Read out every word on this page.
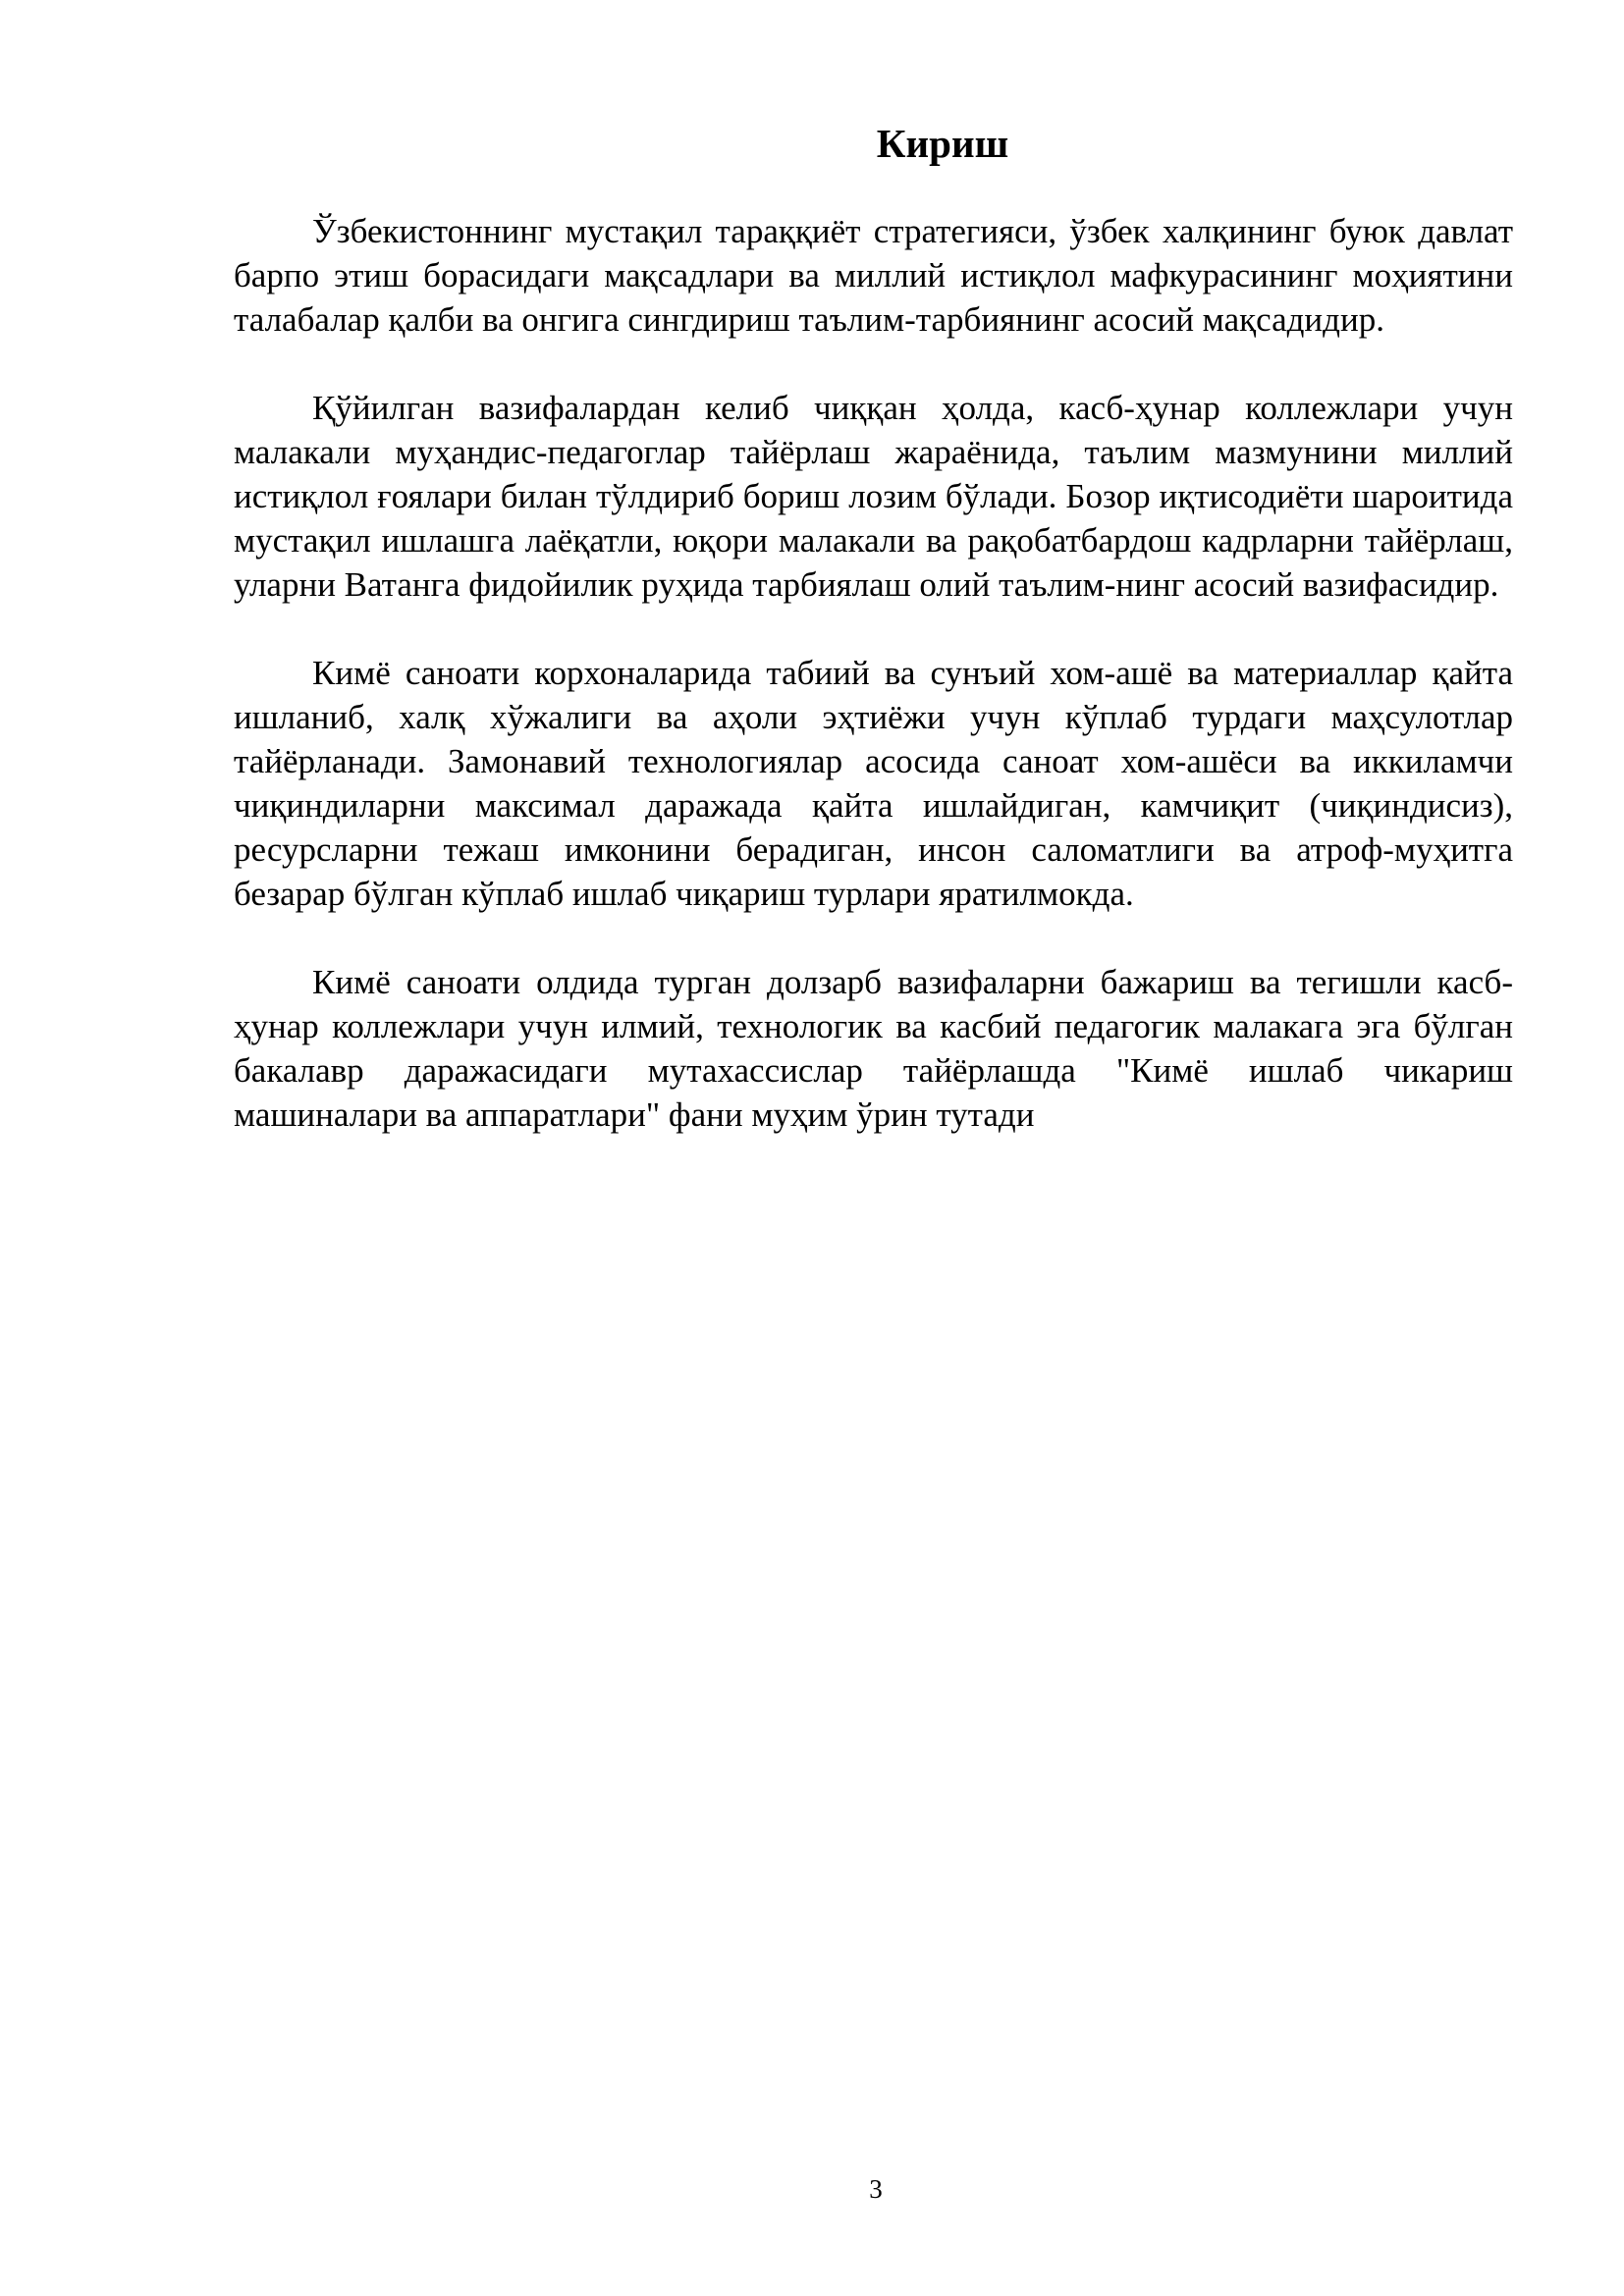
Кириш

Ўзбекистоннинг мустақил тараққиёт стратегияси, ўзбек халқининг буюк давлат барпо этиш борасидаги мақсадлари ва миллий истиқлол мафкурасининг моҳиятини талабалар қалби ва онгига сингдириш таълим-тарбиянинг асосий мақсадидир.

Қўйилган вазифалардан келиб чиққан ҳолда, касб-ҳунар коллежлари учун малакали муҳандис-педагоглар тайёрлаш жараёнида, таълим мазмунини миллий истиқлол ғоялари билан тўлдириб бориш лозим бўлади. Бозор иқтисодиёти шароитида мустақил ишлашга лаёқатли, юқори малакали ва рақобатбардош кадрларни тайёрлаш, уларни Ватанга фидойилик руҳида тарбиялаш олий таълим-нинг асосий вазифасидир.

Кимё саноати корхоналарида табиий ва сунъий хом-ашё ва материаллар қайта ишланиб, халқ хўжалиги ва аҳоли эҳтиёжи учун кўплаб турдаги маҳсулотлар тайёрланади. Замонавий технологиялар асосида саноат хом-ашёси ва иккиламчи чиқиндиларни максимал даражада қайта ишлайдиган, камчиқит (чиқиндисиз), ресурсларни тежаш имконини берадиган, инсон саломатлиги ва атроф-муҳитга безарар бўлган кўплаб ишлаб чиқариш турлари яратилмокда.

Кимё саноати олдида турган долзарб вазифаларни бажариш ва тегишли касб-ҳунар коллежлари учун илмий, технологик ва касбий педагогик малакага эга бўлган бакалавр даражасидаги мутахассислар тайёрлашда "Кимё ишлаб чикариш машиналари ва аппаратлари" фани муҳим ўрин тутади

3
